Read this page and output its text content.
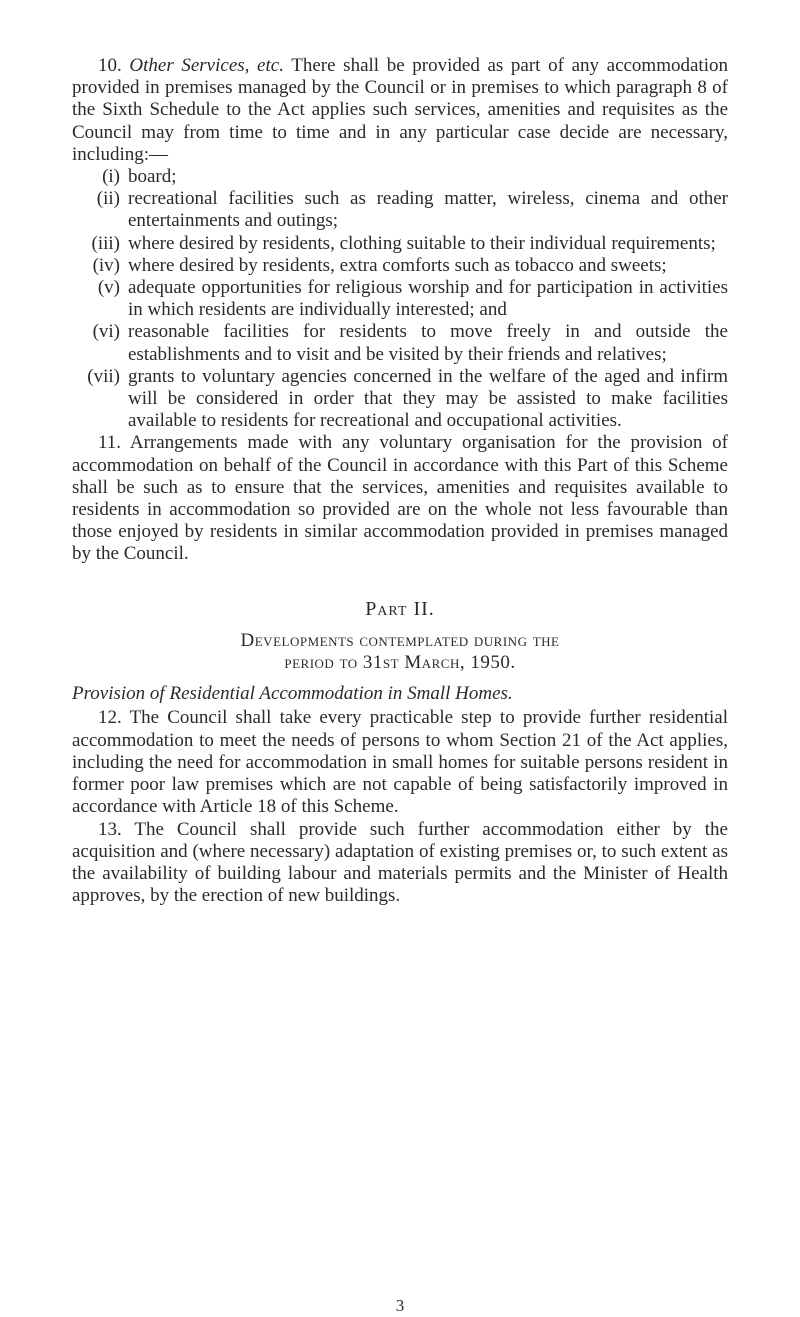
10. Other Services, etc. There shall be provided as part of any accommodation provided in premises managed by the Council or in premises to which paragraph 8 of the Sixth Schedule to the Act applies such services, amenities and requisites as the Council may from time to time and in any particular case decide are necessary, including:—

(i) board;
(ii) recreational facilities such as reading matter, wireless, cinema and other entertainments and outings;
(iii) where desired by residents, clothing suitable to their individual requirements;
(iv) where desired by residents, extra comforts such as tobacco and sweets;
(v) adequate opportunities for religious worship and for participation in activities in which residents are individually interested; and
(vi) reasonable facilities for residents to move freely in and outside the establishments and to visit and be visited by their friends and relatives;
(vii) grants to voluntary agencies concerned in the welfare of the aged and infirm will be considered in order that they may be assisted to make facilities available to residents for recreational and occupational activities.

11. Arrangements made with any voluntary organisation for the provision of accommodation on behalf of the Council in accordance with this Part of this Scheme shall be such as to ensure that the services, amenities and requisites available to residents in accommodation so provided are on the whole not less favourable than those enjoyed by residents in similar accommodation provided in premises managed by the Council.

Part II.
Developments contemplated during the
period to 31st March, 1950.
Provision of Residential Accommodation in Small Homes.

12. The Council shall take every practicable step to provide further residential accommodation to meet the needs of persons to whom Section 21 of the Act applies, including the need for accommodation in small homes for suitable persons resident in former poor law premises which are not capable of being satisfactorily improved in accordance with Article 18 of this Scheme.

13. The Council shall provide such further accommodation either by the acquisition and (where necessary) adaptation of existing premises or, to such extent as the availability of building labour and materials permits and the Minister of Health approves, by the erection of new buildings.

3
